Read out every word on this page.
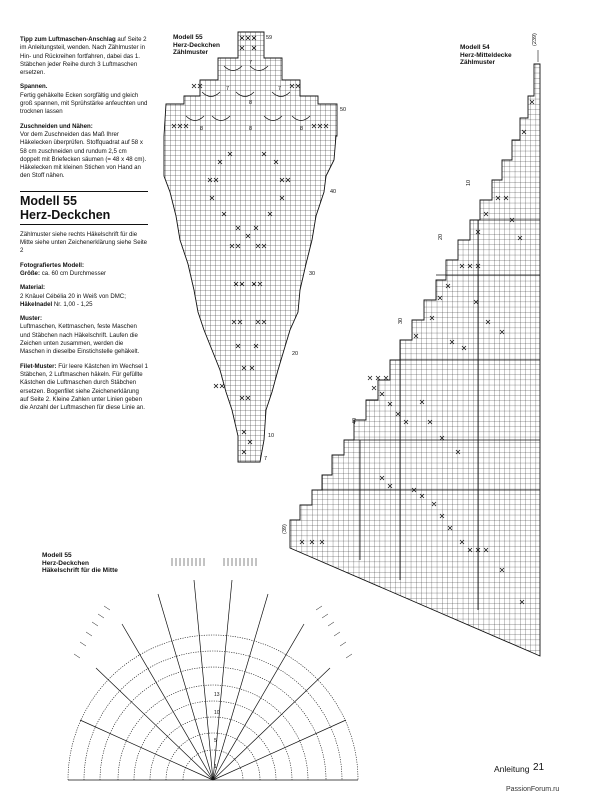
Tipp zum Luftmaschen-Anschlag auf Seite 2 im Anleitungsteil, wenden. Nach Zählmuster in Hin- und Rückreihen fortfahren, dabei das 1. Stäbchen jeder Reihe durch 3 Luftmaschen ersetzen.

Spannen.
Fertig gehäkelte Ecken sorgfältig und gleich groß spannen, mit Sprühstärke anfeuchten und trocknen lassen

Zuschneiden und Nähen:
Vor dem Zuschneiden das Maß Ihrer Häkelecken überprüfen. Stoffquadrat auf 58 x 58 cm zuschneiden und rundum 2,5 cm doppelt mit Briefecken säumen (= 48 x 48 cm). Häkelecken mit kleinen Stichen von Hand an den Stoff nähen.

Modell 55
Herz-Deckchen

Zählmuster siehe rechts Häkelschrift für die Mitte siehe unten Zeichenerklärung siehe Seite 2

Fotografiertes Modell:
Größe: ca. 60 cm Durchmesser

Material:
2 Knäuel Cébélia 20 in Weiß von DMC;
Häkelnadel Nr. 1,00 - 1,25

Muster:
Luftmaschen, Kettmaschen, feste Maschen und Stäbchen nach Häkelschrift. Laufen die Zeichen unten zusammen, werden die Maschen in dieselbe Einstichstelle gehäkelt.

Filet-Muster: Für leere Kästchen im Wechsel 1 Stäbchen, 2 Luftmaschen häkeln. Für gefüllte Kästchen die Luftmaschen durch Stäbchen ersetzen. Bogenfilet siehe Zeichenerklärung auf Seite 2. Kleine Zahlen unter Linien geben die Anzahl der Luftmaschen für diese Linie an.

Modell 55
Herz-Deckchen
Zählmuster
Modell 54
Herz-Mitteldecke
Zählmuster
Modell 55
Herz-Deckchen
Häkelschrift für die Mitte
59
50
40
30
20
10
7
7
7
8
7
8	8	8
(239)
10
20
30
40
(39)
1
5
10
13
Anleitung 21
PassionForum.ru
